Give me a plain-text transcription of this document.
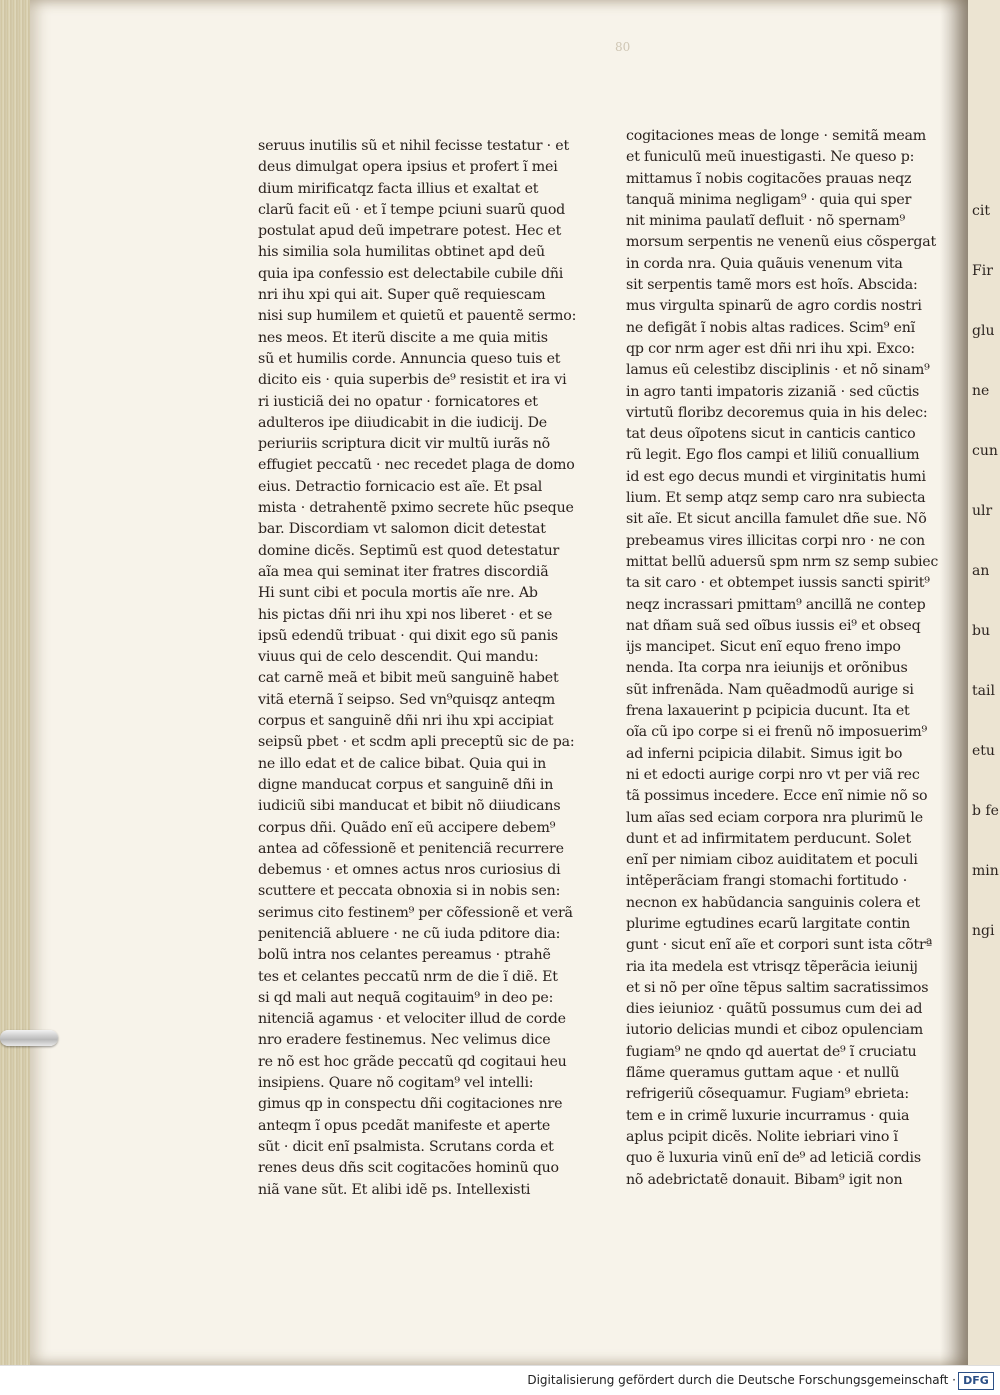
80
cit
Fir
glu
ne
cun
ulr
an
bu
tail
etu
b fe
min
ngi
seruus inutilis sũ et nihil fecisse testatur · et
deus dimulgat opera ipsius et profert ĩ mei
dium mirificatqz facta illius et exaltat et
clarũ facit eũ · et ĩ tempe pciuni suarũ quod
postulat apud deũ impetrare potest. Hec et
his similia sola humilitas obtinet apd deũ
quia ipa confessio est delectabile cubile dñi
nri ihu xpi qui ait. Super quẽ requiescam
nisi sup humilem et quietũ et pauentẽ sermo:
nes meos. Et iterũ discite a me quia mitis
sũ et humilis corde. Annuncia queso tuis et
dicito eis · quia superbis de⁹ resistit et ira vi
ri iusticiã dei no opatur · fornicatores et
adulteros ipe diiudicabit in die iudicij. De
periuriis scriptura dicit vir multũ iurãs nõ
effugiet peccatũ · nec recedet plaga de domo
eius. Detractio fornicacio est aĩe. Et psal
mista · detrahentẽ pximo secrete hũc pseque
bar. Discordiam vt salomon dicit detestat
domine dicẽs. Septimũ est quod detestatur
aĩa mea qui seminat iter fratres discordiã
Hi sunt cibi et pocula mortis aĩe nre. Ab
his pictas dñi nri ihu xpi nos liberet · et se
ipsũ edendũ tribuat · qui dixit ego sũ panis
viuus qui de celo descendit. Qui mandu:
cat carnẽ meã et bibit meũ sanguinẽ habet
vitã eternã ĩ seipso. Sed vn⁹quisqz anteqm
corpus et sanguinẽ dñi nri ihu xpi accipiat
seipsũ pbet · et scdm apli preceptũ sic de pa:
ne illo edat et de calice bibat. Quia qui in
digne manducat corpus et sanguinẽ dñi in
iudiciũ sibi manducat et bibit nõ diiudicans
corpus dñi. Quãdo enĩ eũ accipere debem⁹
antea ad cõfessionẽ et penitenciã recurrere
debemus · et omnes actus nros curiosius di
scuttere et peccata obnoxia si in nobis sen:
serimus cito festinem⁹ per cõfessionẽ et verã
penitenciã abluere · ne cũ iuda pditore dia:
bolũ intra nos celantes pereamus · ptrahẽ
tes et celantes peccatũ nrm de die ĩ diẽ. Et
si qd mali aut nequã cogitauim⁹ in deo pe:
nitenciã agamus · et velociter illud de corde
nro eradere festinemus. Nec velimus dice
re nõ est hoc grãde peccatũ qd cogitaui heu
insipiens. Quare nõ cogitam⁹ vel intelli:
gimus qp in conspectu dñi cogitaciones nre
anteqm ĩ opus pcedãt manifeste et aperte
sũt · dicit enĩ psalmista. Scrutans corda et
renes deus dñs scit cogitacões hominũ quo
niã vane sũt. Et alibi idẽ ps. Intellexisti
cogitaciones meas de longe · semitã meam
et funiculũ meũ inuestigasti. Ne queso p:
mittamus ĩ nobis cogitacões prauas neqz
tanquã minima negligam⁹ · quia qui sper
nit minima paulatĩ defluit · nõ spernam⁹
morsum serpentis ne venenũ eius cõspergat
in corda nra. Quia quãuis venenum vita
sit serpentis tamẽ mors est hoĩs. Abscida:
mus virgulta spinarũ de agro cordis nostri
ne defigãt ĩ nobis altas radices. Scim⁹ enĩ
qp cor nrm ager est dñi nri ihu xpi. Exco:
lamus eũ celestibz disciplinis · et nõ sinam⁹
in agro tanti impatoris zizaniã · sed cũctis
virtutũ floribz decoremus quia in his delec:
tat deus oĩpotens sicut in canticis cantico
rũ legit. Ego flos campi et liliũ conuallium
id est ego decus mundi et virginitatis humi
lium. Et semp atqz semp caro nra subiecta
sit aĩe. Et sicut ancilla famulet dñe sue. Nõ
prebeamus vires illicitas corpi nro · ne con
mittat bellũ aduersũ spm nrm sz semp subiec
ta sit caro · et obtempet iussis sancti spirit⁹
neqz incrassari pmittam⁹ ancillã ne contep
nat dñam suã sed oĩbus iussis ei⁹ et obseq
ijs mancipet. Sicut enĩ equo freno impo
nenda. Ita corpa nra ieiunijs et orõnibus
sũt infrenãda. Nam quẽadmodũ aurige si
frena laxauerint p pcipicia ducunt. Ita et
oĩa cũ ipo corpe si ei frenũ nõ imposuerim⁹
ad inferni pcipicia dilabit. Simus igit bo
ni et edocti aurige corpi nro vt per viã rec
tã possimus incedere. Ecce enĩ nimie nõ so
lum aĩas sed eciam corpora nra plurimũ le
dunt et ad infirmitatem perducunt. Solet
enĩ per nimiam ciboz auiditatem et poculi
intẽperãciam frangi stomachi fortitudo ·
necnon ex habũdancia sanguinis colera et
plurime egtudines ecarũ largitate contin
gunt · sicut enĩ aĩe et corpori sunt ista cõtrª
ria ita medela est vtrisqz tẽperãcia ieiunij
et si nõ per oĩne tẽpus saltim sacratissimos
dies ieiunioz · quãtũ possumus cum dei ad
iutorio delicias mundi et ciboz opulenciam
fugiam⁹ ne qndo qd auertat de⁹ ĩ cruciatu
flãme queramus guttam aque · et nullũ
refrigeriũ cõsequamur. Fugiam⁹ ebrieta:
tem e in crimẽ luxurie incurramus · quia
aplus pcipit dicẽs. Nolite iebriari vino ĩ
quo ẽ luxuria vinũ enĩ de⁹ ad leticiã cordis
nõ adebrictatẽ donauit. Bibam⁹ igit non
Digitalisierung gefördert durch die Deutsche Forschungsgemeinschaft · DFG
